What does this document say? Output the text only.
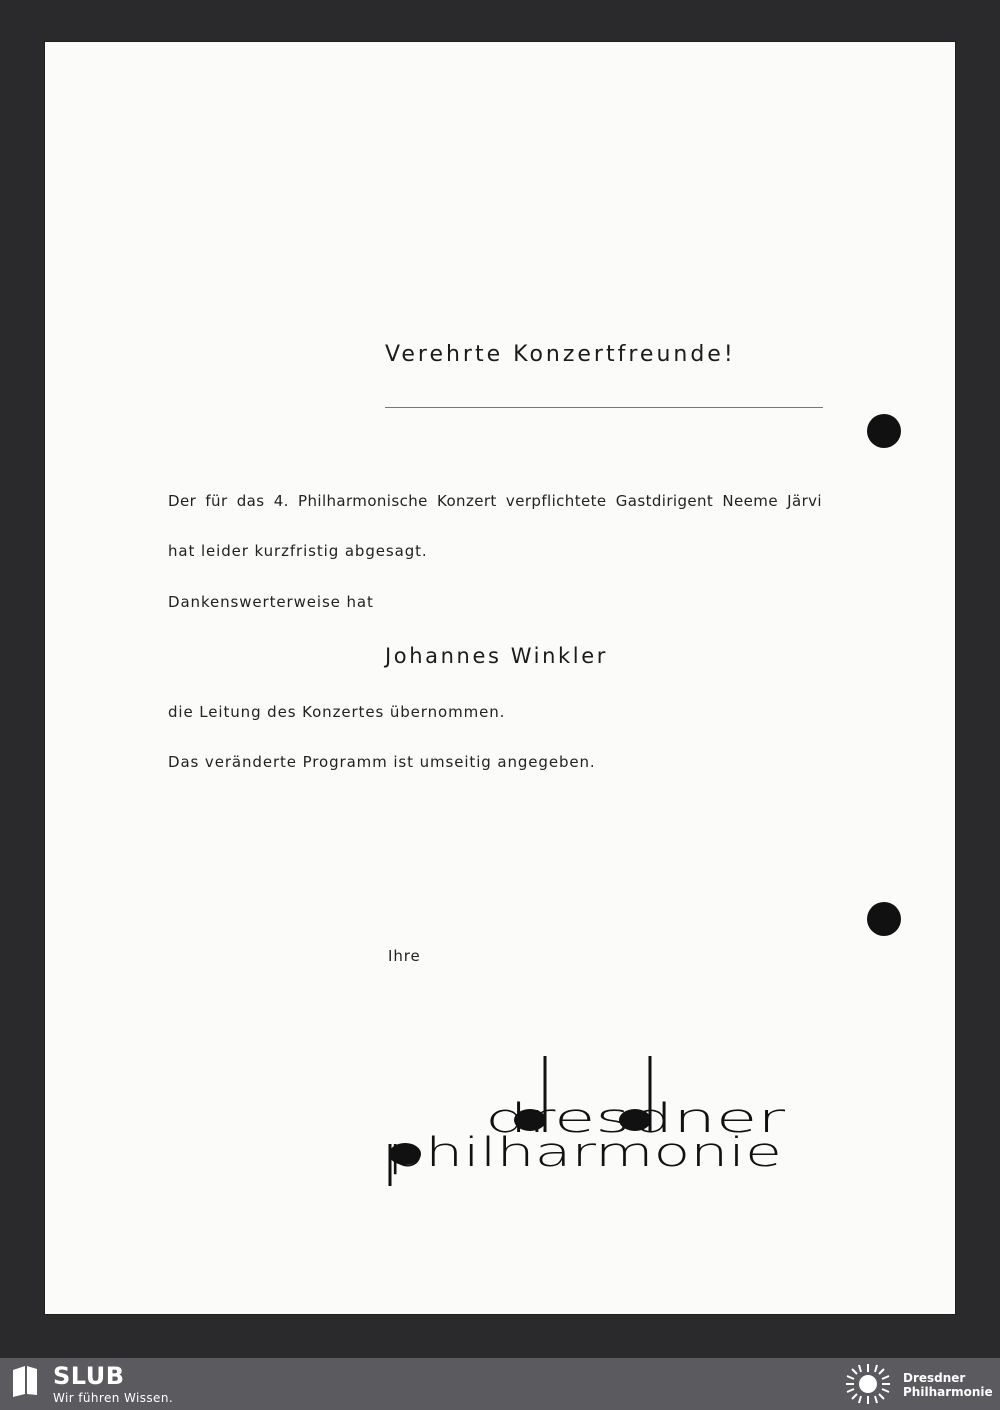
Verehrte Konzertfreunde!
Der für das 4. Philharmonische Konzert verpflichtete Gastdirigent Neeme Järvi
hat leider kurzfristig abgesagt.
Dankenswerterweise hat
Johannes Winkler
die Leitung des Konzertes übernommen.
Das veränderte Programm ist umseitig angegeben.
Ihre
dresdner
philharmonie
SLUB
Wir führen Wissen.
Dresdner
Philharmonie
